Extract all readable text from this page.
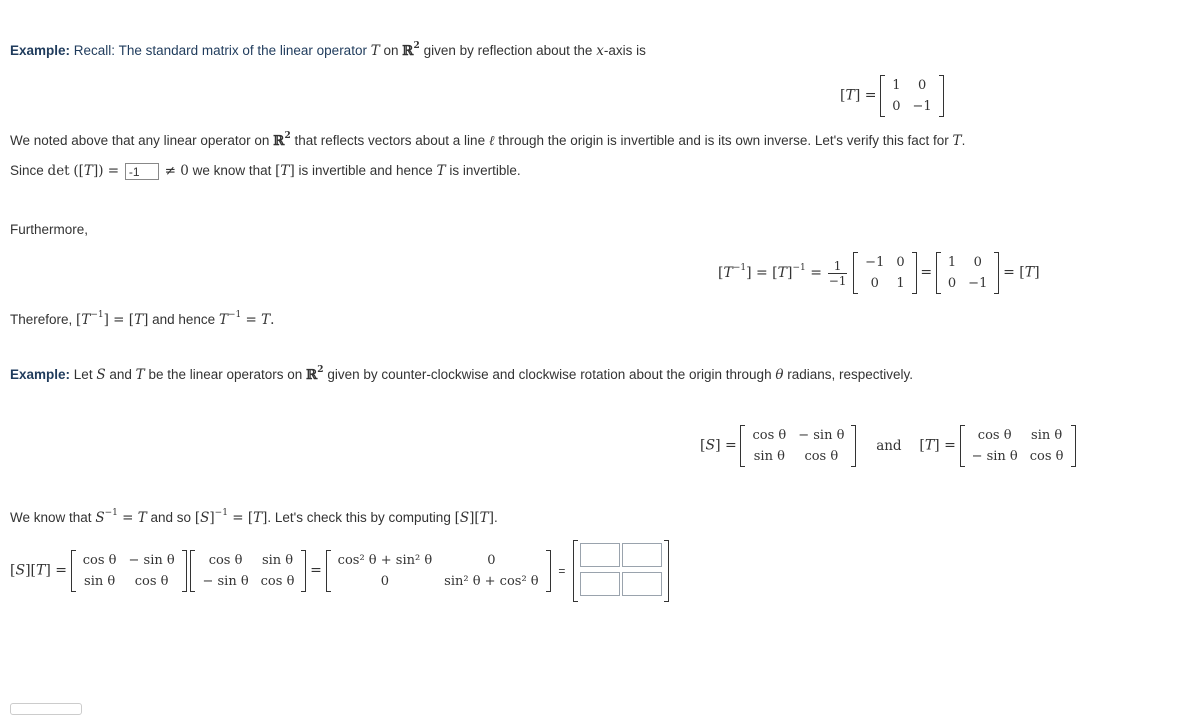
Example: Recall: The standard matrix of the linear operator T on ℝ$^2$ given by reflection about the x-axis is
[T] =
1	0
0	−1
We noted above that any linear operator on ℝ$^2$ that reflects vectors about a line ℓ through the origin is invertible and is its own inverse. Let's verify this fact for T.
Since det ([T]) = -1 ≠ 0 we know that [T] is invertible and hence T is invertible.
Furthermore,
$[T^{-1}] = [T]^{-1} = \frac{1}{-1}$
−1	0
0	1
=
1	0
0	−1
= [T]
Therefore, $[T^{-1}] = [T]$ and hence $T^{-1} = T$.
Example: Let S and T be the linear operators on ℝ$^2$ given by counter-clockwise and clockwise rotation about the origin through θ radians, respectively.
[S] =
cos θ	− sin θ
sin θ	cos θ
and [T] =
cos θ	sin θ
− sin θ	cos θ
We know that $S^{-1} = T$ and so $[S]^{-1} = [T]$. Let's check this by computing [S][T].
[S][T] =
cos θ	− sin θ
sin θ	cos θ

cos θ	sin θ
− sin θ	cos θ
=
cos² θ + sin² θ	0
0	sin² θ + cos² θ
=
